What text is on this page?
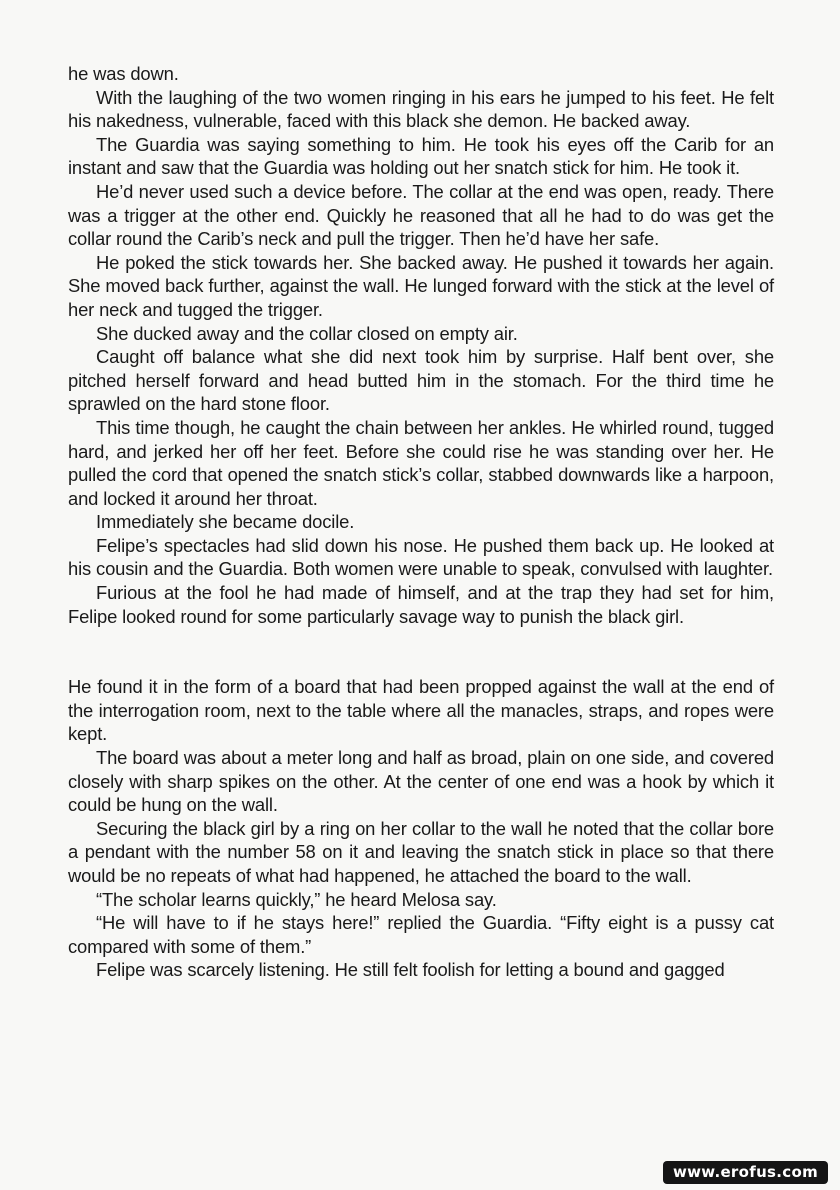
he was down.

With the laughing of the two women ringing in his ears he jumped to his feet. He felt his nakedness, vulnerable, faced with this black she demon. He backed away.

The Guardia was saying something to him. He took his eyes off the Carib for an instant and saw that the Guardia was holding out her snatch stick for him. He took it.

He’d never used such a device before. The collar at the end was open, ready. There was a trigger at the other end. Quickly he reasoned that all he had to do was get the collar round the Carib’s neck and pull the trigger. Then he’d have her safe.

He poked the stick towards her. She backed away. He pushed it towards her again. She moved back further, against the wall. He lunged forward with the stick at the level of her neck and tugged the trigger.

She ducked away and the collar closed on empty air.

Caught off balance what she did next took him by surprise. Half bent over, she pitched herself forward and head butted him in the stomach. For the third time he sprawled on the hard stone floor.

This time though, he caught the chain between her ankles. He whirled round, tugged hard, and jerked her off her feet. Before she could rise he was standing over her. He pulled the cord that opened the snatch stick’s collar, stabbed downwards like a harpoon, and locked it around her throat.

Immediately she became docile.

Felipe’s spectacles had slid down his nose. He pushed them back up. He looked at his cousin and the Guardia. Both women were unable to speak, convulsed with laughter.

Furious at the fool he had made of himself, and at the trap they had set for him, Felipe looked round for some particularly savage way to punish the black girl.

He found it in the form of a board that had been propped against the wall at the end of the interrogation room, next to the table where all the manacles, straps, and ropes were kept.

The board was about a meter long and half as broad, plain on one side, and covered closely with sharp spikes on the other. At the center of one end was a hook by which it could be hung on the wall.

Securing the black girl by a ring on her collar to the wall he noted that the collar bore a pendant with the number 58 on it and leaving the snatch stick in place so that there would be no repeats of what had happened, he attached the board to the wall.

“The scholar learns quickly,” he heard Melosa say.

“He will have to if he stays here!” replied the Guardia. “Fifty eight is a pussy cat compared with some of them.”

Felipe was scarcely listening. He still felt foolish for letting a bound and gagged

www.erofus.com
